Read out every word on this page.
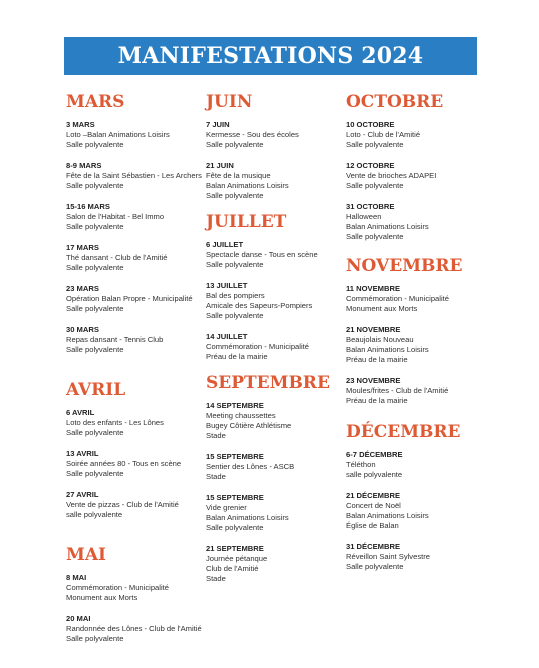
MANIFESTATIONS 2024
MARS
3 MARS
Loto –Balan Animations Loisirs
Salle polyvalente
8-9 MARS
Fête de la Saint Sébastien - Les Archers
Salle polyvalente
15-16 MARS
Salon de l'Habitat - Bel Immo
Salle polyvalente
17 MARS
Thé dansant - Club de l'Amitié
Salle polyvalente
23 MARS
Opération Balan Propre - Municipalité
Salle polyvalente
30 MARS
Repas dansant - Tennis Club
Salle polyvalente
AVRIL
6 AVRIL
Loto des enfants - Les Lônes
Salle polyvalente
13 AVRIL
Soirée années 80 - Tous en scène
Salle polyvalente
27 AVRIL
Vente de pizzas - Club de l'Amitié
salle polyvalente
MAI
8 MAI
Commémoration - Municipalité
Monument aux Morts
20 MAI
Randonnée des Lônes - Club de l'Amitié
Salle polyvalente
JUIN
7 JUIN
Kermesse - Sou des écoles
Salle polyvalente
21 JUIN
Fête de la musique
Balan Animations Loisirs
Salle polyvalente
JUILLET
6 JUILLET
Spectacle danse - Tous en scène
Salle polyvalente
13 JUILLET
Bal des pompiers
Amicale des Sapeurs-Pompiers
Salle polyvalente
14 JUILLET
Commémoration - Municipalité
Préau de la mairie
SEPTEMBRE
14 SEPTEMBRE
Meeting chaussettes
Bugey Côtière Athlétisme
Stade
15 SEPTEMBRE
Sentier des Lônes - ASCB
Stade
15 SEPTEMBRE
Vide grenier
Balan Animations Loisirs
Salle polyvalente
21 SEPTEMBRE
Journée pétanque
Club de l'Amitié
Stade
OCTOBRE
10 OCTOBRE
Loto - Club de l'Amitié
Salle polyvalente
12 OCTOBRE
Vente de brioches ADAPEI
Salle polyvalente
31 OCTOBRE
Halloween
Balan Animations Loisirs
Salle polyvalente
NOVEMBRE
11 NOVEMBRE
Commémoration - Municipalité
Monument aux Morts
21 NOVEMBRE
Beaujolais Nouveau
Balan Animations Loisirs
Préau de la mairie
23 NOVEMBRE
Moules/frites - Club de l'Amitié
Préau de la mairie
DÉCEMBRE
6-7 DÉCEMBRE
Téléthon
salle polyvalente
21 DÉCEMBRE
Concert de Noël
Balan Animations Loisirs
Église de Balan
31 DÉCEMBRE
Réveillon Saint Sylvestre
Salle polyvalente
